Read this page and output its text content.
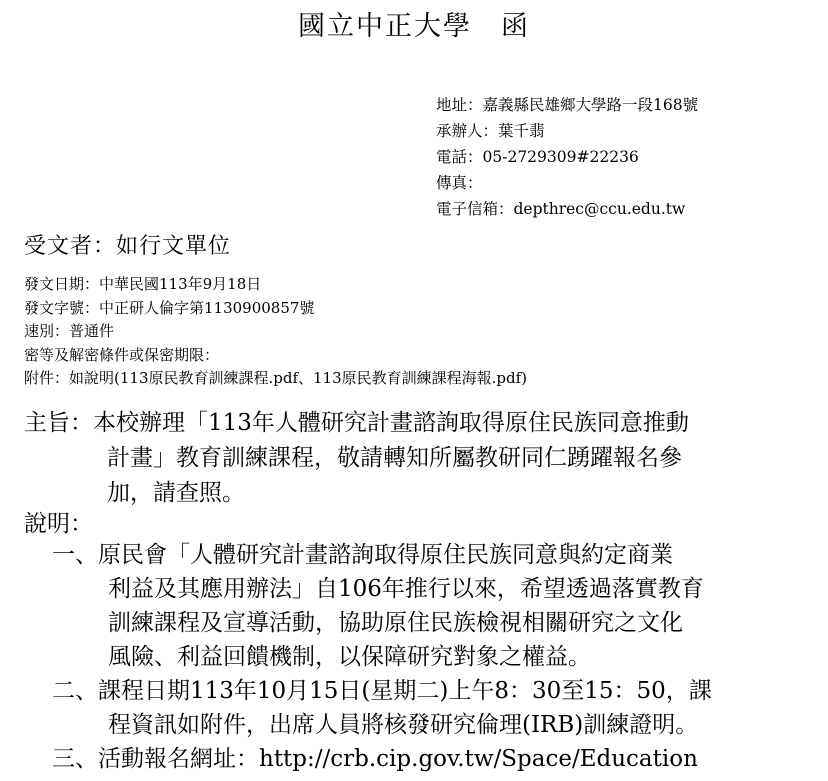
國立中正大學　函
地址：嘉義縣民雄鄉大學路一段168號
承辦人：葉千翡
電話：05-2729309#22236
傳真：
電子信箱：depthrec@ccu.edu.tw
受文者：如行文單位
發文日期：中華民國113年9月18日
發文字號：中正研人倫字第1130900857號
速別：普通件
密等及解密條件或保密期限：
附件：如說明(113原民教育訓練課程.pdf、113原民教育訓練課程海報.pdf)
主旨：本校辦理「113年人體研究計畫諮詢取得原住民族同意推動
計畫」教育訓練課程，敬請轉知所屬教研同仁踴躍報名參
加，請查照。
說明：
一、原民會「人體研究計畫諮詢取得原住民族同意與約定商業
利益及其應用辦法」自106年推行以來，希望透過落實教育
訓練課程及宣導活動，協助原住民族檢視相關研究之文化
風險、利益回饋機制，以保障研究對象之權益。
二、課程日期113年10月15日(星期二)上午8：30至15：50，課
程資訊如附件，出席人員將核發研究倫理(IRB)訓練證明。
三、活動報名網址：http://crb.cip.gov.tw/Space/Education
